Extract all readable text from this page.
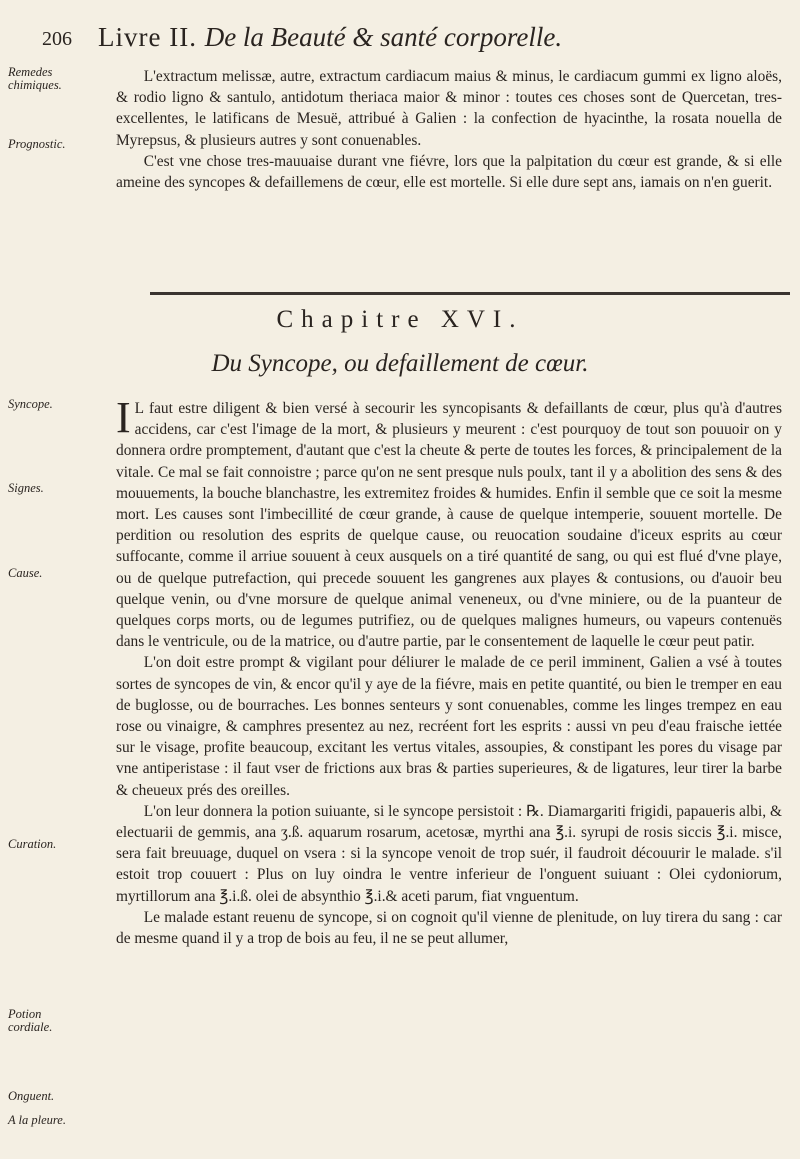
206 Livre II. De la Beauté & santé corporelle.
Remedes chimiques.
Prognostic.
Syncope.
Signes.
Cause.
Curation.
Potion cordiale.
Onguent.
A la pleure.

L'extractum melissæ, autre, extractum cardiacum maius & minus, le cardiacum gummi ex ligno aloës, & rodio ligno & santulo, antidotum theriaca maior & minor : toutes ces choses sont de Quercetan, tres-excellentes, le latificans de Mesuë, attribué à Galien : la confection de hyacinthe, la rosata nouella de Myrepsus, & plusieurs autres y sont conuenables.

C'est vne chose tres-mauuaise durant vne fiévre, lors que la palpitation du cœur est grande, & si elle ameine des syncopes & defaillemens de cœur, elle est mortelle. Si elle dure sept ans, iamais on n'en guerit.

Chapitre XVI.
Du Syncope, ou defaillement de cœur.

I L faut estre diligent & bien versé à secourir les syncopisants & defaillants de cœur, plus qu'à d'autres accidens, car c'est l'image de la mort, & plusieurs y meurent : c'est pourquoy de tout son pouuoir on y donnera ordre promptement, d'autant que c'est la cheute & perte de toutes les forces, & principalement de la vitale. Ce mal se fait connoistre ; parce qu'on ne sent presque nuls poulx, tant il y a abolition des sens & des mouuements, la bouche blanchastre, les extremitez froides & humides. Enfin il semble que ce soit la mesme mort. Les causes sont l'imbecillité de cœur grande, à cause de quelque intemperie, souuent mortelle. De perdition ou resolution des esprits de quelque cause, ou reuocation soudaine d'iceux esprits au cœur suffocante, comme il arriue souuent à ceux ausquels on a tiré quantité de sang, ou qui est flué d'vne playe, ou de quelque putrefaction, qui precede souuent les gangrenes aux playes & contusions, ou d'auoir beu quelque venin, ou d'vne morsure de quelque animal veneneux, ou d'vne miniere, ou de la puanteur de quelques corps morts, ou de legumes putrifiez, ou de quelques malignes humeurs, ou vapeurs contenuës dans le ventricule, ou de la matrice, ou d'autre partie, par le consentement de laquelle le cœur peut patir.

L'on doit estre prompt & vigilant pour déliurer le malade de ce peril imminent, Galien a vsé à toutes sortes de syncopes de vin, & encor qu'il y aye de la fiévre, mais en petite quantité, ou bien le tremper en eau de buglosse, ou de bourraches. Les bonnes senteurs y sont conuenables, comme les linges trempez en eau rose ou vinaigre, & camphres presentez au nez, recréent fort les esprits : aussi vn peu d'eau fraische iettée sur le visage, profite beaucoup, excitant les vertus vitales, assoupies, & constipant les pores du visage par vne antiperistase : il faut vser de frictions aux bras & parties superieures, & de ligatures, leur tirer la barbe & cheueux prés des oreilles.

L'on leur donnera la potion suiuante, si le syncope persistoit : ℞. Diamargariti frigidi, papaueris albi, & electuarii de gemmis, ana ʒ.ß. aquarum rosarum, acetosæ, myrthi ana ℥.i. syrupi de rosis siccis ℥.i. misce, sera fait breuuage, duquel on vsera : si la syncope venoit de trop suér, il faudroit découurir le malade. s'il estoit trop couuert : Plus on luy oindra le ventre inferieur de l'onguent suiuant : Olei cydoniorum, myrtillorum ana ℥.i.ß. olei de absynthio ℥.i.& aceti parum, fiat vnguentum.

Le malade estant reuenu de syncope, si on cognoit qu'il vienne de plenitude, on luy tirera du sang : car de mesme quand il y a trop de bois au feu, il ne se peut allumer,
